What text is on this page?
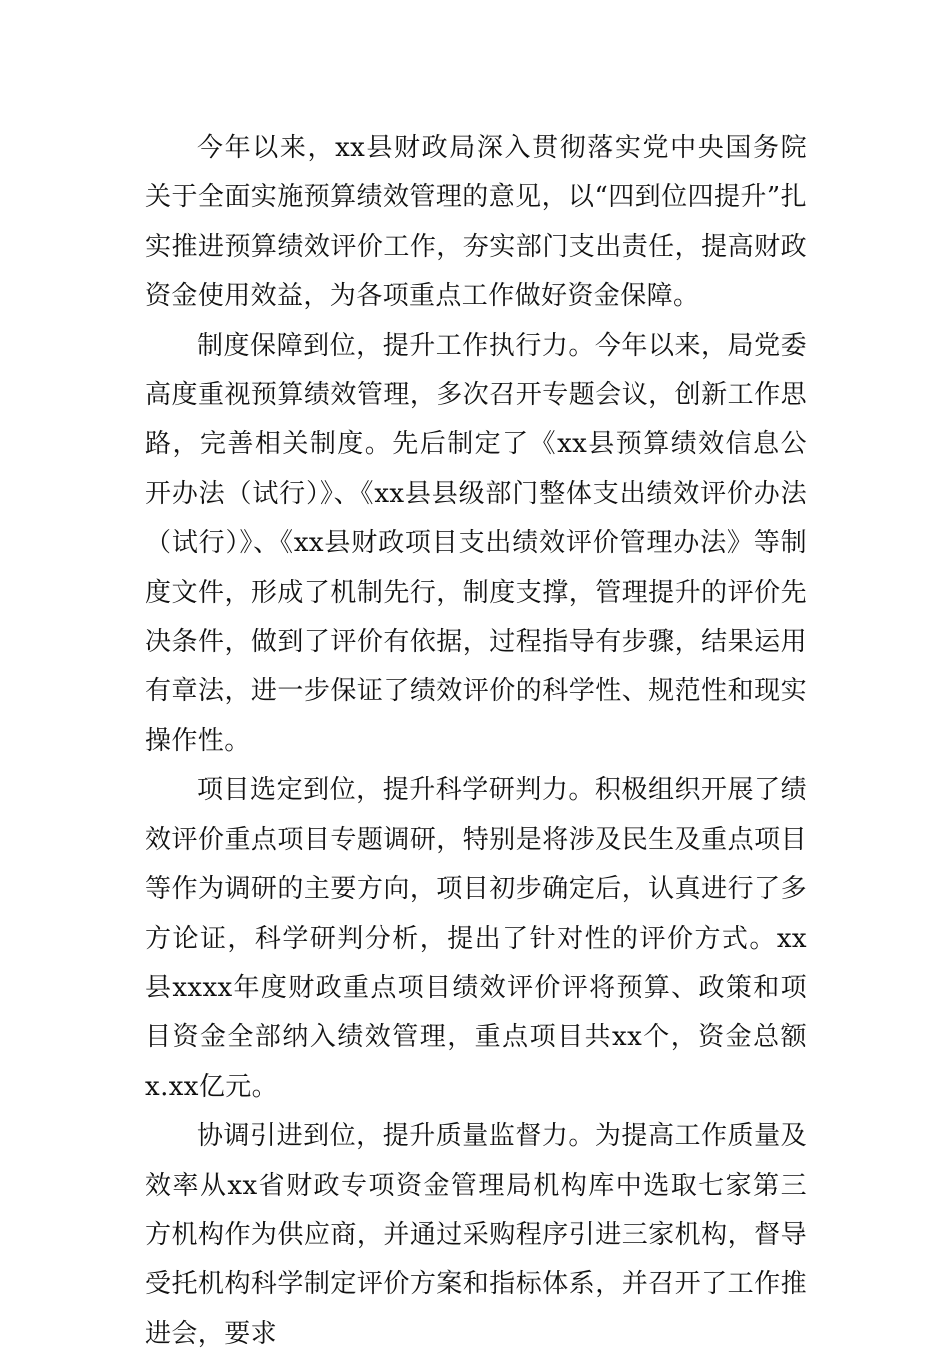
今年以来，xx县财政局深入贯彻落实党中央国务院关于全面实施预算绩效管理的意见，以“四到位四提升”扎实推进预算绩效评价工作，夯实部门支出责任，提高财政资金使用效益，为各项重点工作做好资金保障。

制度保障到位，提升工作执行力。今年以来，局党委高度重视预算绩效管理，多次召开专题会议，创新工作思路，完善相关制度。先后制定了《xx县预算绩效信息公开办法（试行）》、《xx县县级部门整体支出绩效评价办法（试行）》、《xx县财政项目支出绩效评价管理办法》等制度文件，形成了机制先行，制度支撑，管理提升的评价先决条件，做到了评价有依据，过程指导有步骤，结果运用有章法，进一步保证了绩效评价的科学性、规范性和现实操作性。

项目选定到位，提升科学研判力。积极组织开展了绩效评价重点项目专题调研，特别是将涉及民生及重点项目等作为调研的主要方向，项目初步确定后，认真进行了多方论证，科学研判分析，提出了针对性的评价方式。xx县xxxx年度财政重点项目绩效评价评将预算、政策和项目资金全部纳入绩效管理，重点项目共xx个，资金总额x.xx亿元。

协调引进到位，提升质量监督力。为提高工作质量及效率从xx省财政专项资金管理局机构库中选取七家第三方机构作为供应商，并通过采购程序引进三家机构，督导受托机构科学制定评价方案和指标体系，并召开了工作推进会，要求
